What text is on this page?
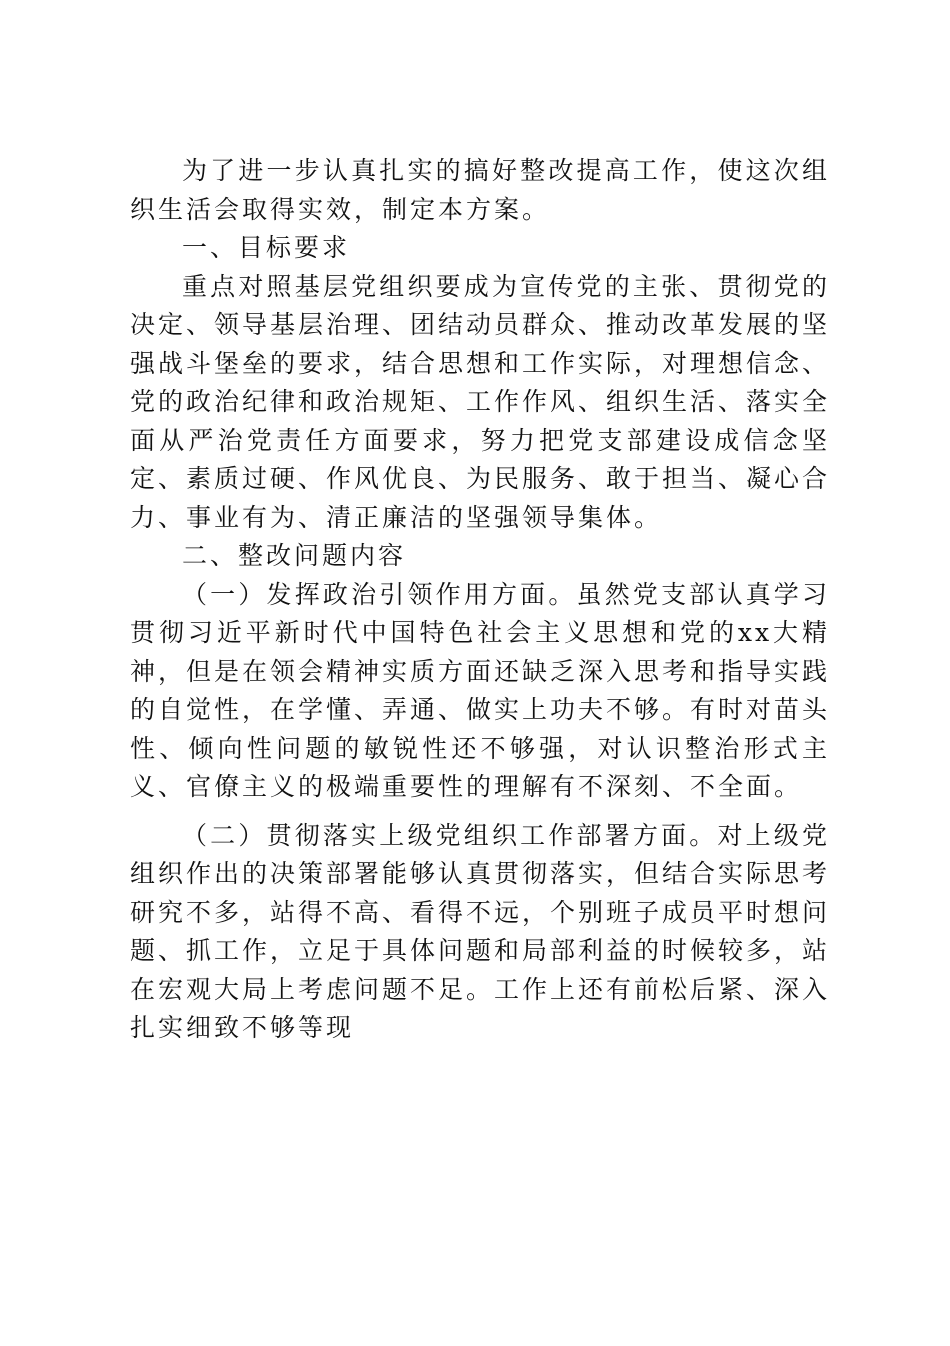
为了进一步认真扎实的搞好整改提高工作，使这次组织生活会取得实效，制定本方案。

一、目标要求

重点对照基层党组织要成为宣传党的主张、贯彻党的决定、领导基层治理、团结动员群众、推动改革发展的坚强战斗堡垒的要求，结合思想和工作实际，对理想信念、党的政治纪律和政治规矩、工作作风、组织生活、落实全面从严治党责任方面要求，努力把党支部建设成信念坚定、素质过硬、作风优良、为民服务、敢于担当、凝心合力、事业有为、清正廉洁的坚强领导集体。

二、整改问题内容

（一）发挥政治引领作用方面。虽然党支部认真学习贯彻习近平新时代中国特色社会主义思想和党的xx大精神，但是在领会精神实质方面还缺乏深入思考和指导实践的自觉性，在学懂、弄通、做实上功夫不够。有时对苗头性、倾向性问题的敏锐性还不够强，对认识整治形式主义、官僚主义的极端重要性的理解有不深刻、不全面。

（二）贯彻落实上级党组织工作部署方面。对上级党组织作出的决策部署能够认真贯彻落实，但结合实际思考研究不多，站得不高、看得不远，个别班子成员平时想问题、抓工作，立足于具体问题和局部利益的时候较多，站在宏观大局上考虑问题不足。工作上还有前松后紧、深入扎实细致不够等现
